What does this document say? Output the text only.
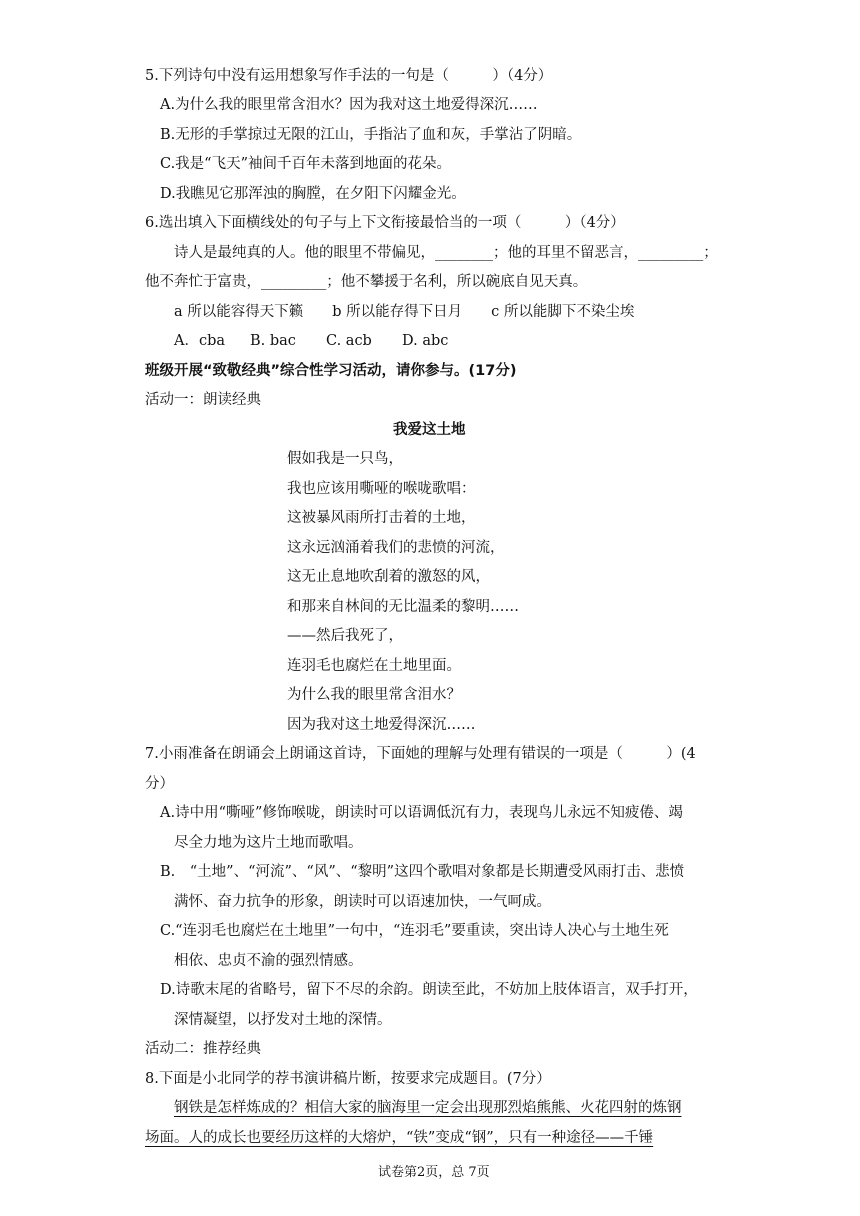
5.下列诗句中没有运用想象写作手法的一句是（　　　）（4分）
A.为什么我的眼里常含泪水？因为我对这土地爱得深沉……
B.无形的手掌掠过无限的江山，手指沾了血和灰，手掌沾了阴暗。
C.我是“飞天”袖间千百年未落到地面的花朵。
D.我瞧见它那浑浊的胸膛，在夕阳下闪耀金光。
6.选出填入下面横线处的句子与上下文衔接最恰当的一项（　　　）（4分）
诗人是最纯真的人。他的眼里不带偏见，________；他的耳里不留恶言，_________；
他不奔忙于富贵，_________；他不攀援于名利，所以碗底自见天真。
a 所以能容得天下籁　　b 所以能存得下日月　　c 所以能脚下不染尘埃
A．cba B. bac C. acb D. abc
班级开展“致敬经典”综合性学习活动，请你参与。(17分)
活动一：朗读经典
我爱这土地
假如我是一只鸟，
我也应该用嘶哑的喉咙歌唱：
这被暴风雨所打击着的土地，
这永远汹涌着我们的悲愤的河流，
这无止息地吹刮着的激怒的风，
和那来自林间的无比温柔的黎明……
——然后我死了，
连羽毛也腐烂在土地里面。
为什么我的眼里常含泪水？
因为我对这土地爱得深沉……
7.小雨准备在朗诵会上朗诵这首诗，下面她的理解与处理有错误的一项是（　　　）(4
分）
A.诗中用“嘶哑”修饰喉咙，朗读时可以语调低沉有力，表现鸟儿永远不知疲倦、竭
尽全力地为这片土地而歌唱。
B.　“土地”、“河流”、“风”、“黎明”这四个歌唱对象都是长期遭受风雨打击、悲愤
满怀、奋力抗争的形象，朗读时可以语速加快，一气呵成。
C.“连羽毛也腐烂在土地里”一句中，“连羽毛”要重读，突出诗人决心与土地生死
相依、忠贞不渝的强烈情感。
D.诗歌末尾的省略号，留下不尽的余韵。朗读至此，不妨加上肢体语言，双手打开，
深情凝望，以抒发对土地的深情。
活动二：推荐经典
8.下面是小北同学的荐书演讲稿片断，按要求完成题目。(7分）
钢铁是怎样炼成的？相信大家的脑海里一定会出现那烈焰熊熊、火花四射的炼钢
场面。人的成长也要经历这样的大熔炉，“铁”变成“钢”，只有一种途径——千锤
试卷第2页，总 7页
